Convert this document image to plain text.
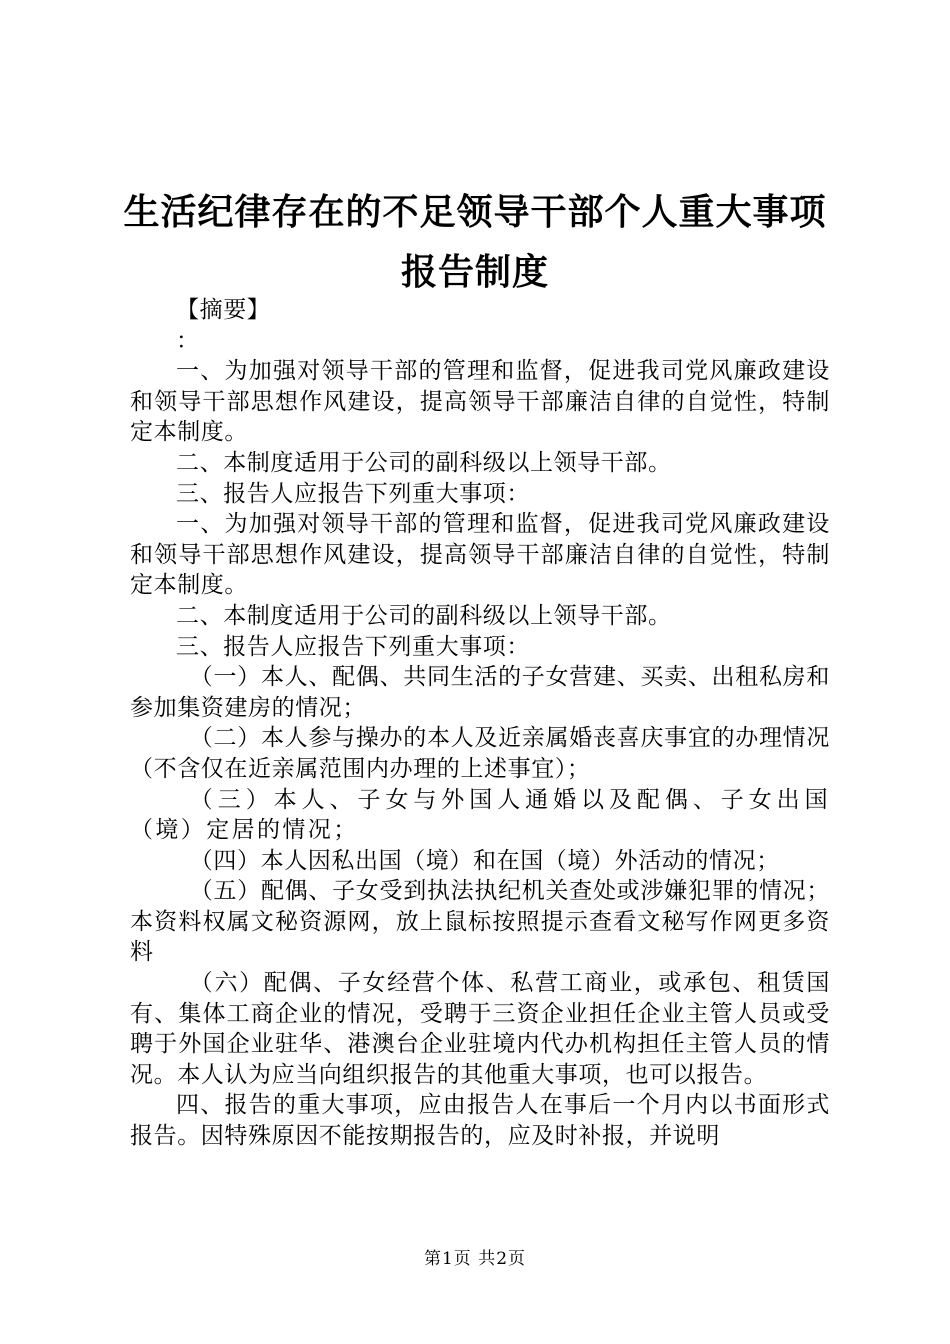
生活纪律存在的不足领导干部个人重大事项报告制度

【摘要】

：

一、为加强对领导干部的管理和监督，促进我司党风廉政建设和领导干部思想作风建设，提高领导干部廉洁自律的自觉性，特制定本制度。

二、本制度适用于公司的副科级以上领导干部。

三、报告人应报告下列重大事项：

一、为加强对领导干部的管理和监督，促进我司党风廉政建设和领导干部思想作风建设，提高领导干部廉洁自律的自觉性，特制定本制度。

二、本制度适用于公司的副科级以上领导干部。

三、报告人应报告下列重大事项：

（一）本人、配偶、共同生活的子女营建、买卖、出租私房和参加集资建房的情况；

（二）本人参与操办的本人及近亲属婚丧喜庆事宜的办理情况（不含仅在近亲属范围内办理的上述事宜）；

（三）本人、子女与外国人通婚以及配偶、子女出国（境）定居的情况；

（四）本人因私出国（境）和在国（境）外活动的情况；

（五）配偶、子女受到执法执纪机关查处或涉嫌犯罪的情况；本资料权属文秘资源网，放上鼠标按照提示查看文秘写作网更多资料

（六）配偶、子女经营个体、私营工商业，或承包、租赁国有、集体工商企业的情况，受聘于三资企业担任企业主管人员或受聘于外国企业驻华、港澳台企业驻境内代办机构担任主管人员的情况。本人认为应当向组织报告的其他重大事项，也可以报告。

四、报告的重大事项，应由报告人在事后一个月内以书面形式报告。因特殊原因不能按期报告的，应及时补报，并说明

第1页 共2页
